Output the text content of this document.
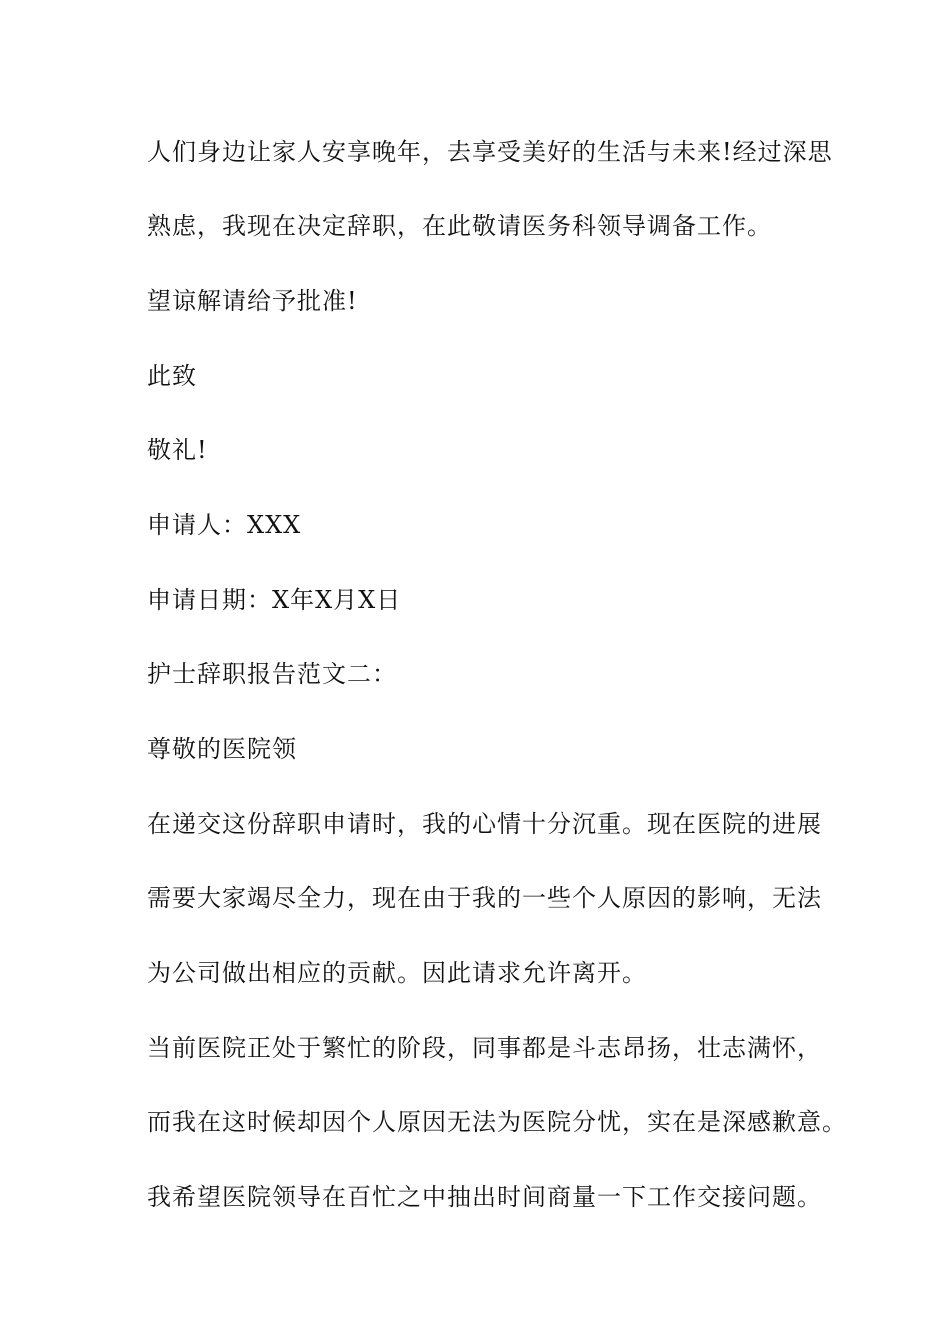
人们身边让家人安享晚年，去享受美好的生活与未来!经过深思
熟虑，我现在决定辞职，在此敬请医务科领导调备工作。
望谅解请给予批准!
此致
敬礼!
申请人：XXX
申请日期：X年X月X日
护士辞职报告范文二：
尊敬的医院领
在递交这份辞职申请时，我的心情十分沉重。现在医院的进展
需要大家竭尽全力，现在由于我的一些个人原因的影响，无法
为公司做出相应的贡献。因此请求允许离开。
当前医院正处于繁忙的阶段，同事都是斗志昂扬，壮志满怀，
而我在这时候却因个人原因无法为医院分忧，实在是深感歉意。
我希望医院领导在百忙之中抽出时间商量一下工作交接问题。
